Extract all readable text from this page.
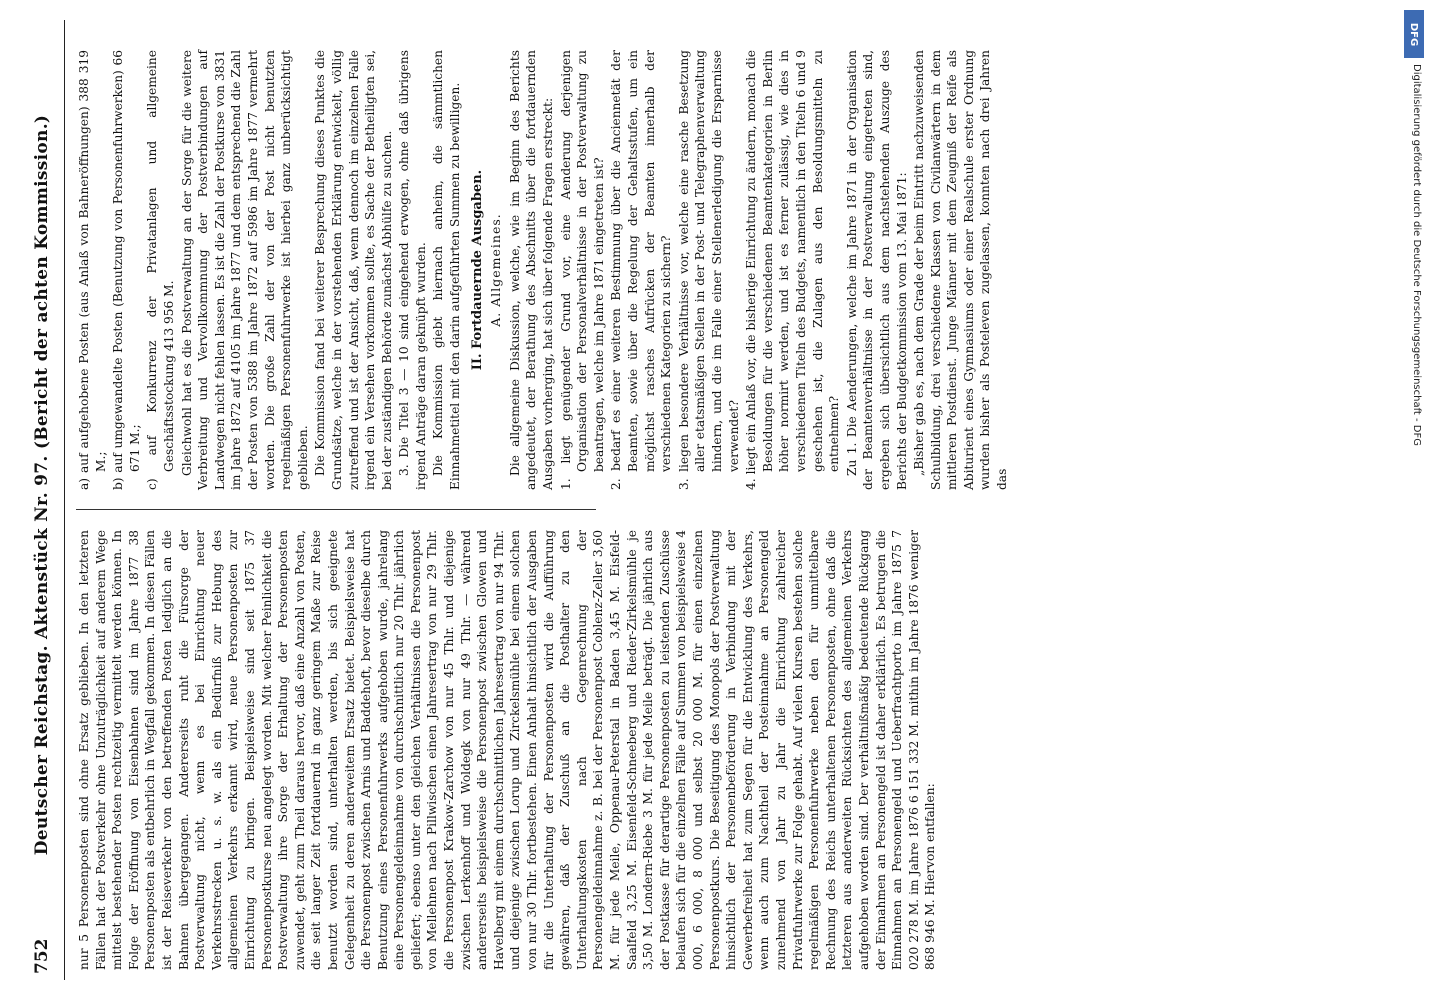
752
Deutscher Reichstag. Aktenstück Nr. 97. (Bericht der achten Kommission.) nur 5 Personenposten sind ohne Ersatz geblieben. In den letzteren Fällen hat der Postverkehr ohne Unzuträglichkeit auf anderem Wege mittelst bestehender Posten rechtzeitig vermittelt werden können. In Folge der Eröffnung von Eisenbahnen sind im Jahre 1877 38 Personenposten als entbehrlich in Wegfall gekommen. In diesen Fällen ist der Reiseverkehr von den betreffenden Posten lediglich an die Bahnen übergegangen. Andererseits ruht die Fürsorge der Postverwaltung nicht, wenn es bei Einrichtung neuer Verkehrsstrecken u. s. w. als ein Bedürfniß zur Hebung des allgemeinen Verkehrs erkannt wird, neue Personenposten zur Einrichtung zu bringen. Beispielsweise sind seit 1875 37 Personenpostkurse neu angelegt worden. Mit welcher Peinlichkeit die Postverwaltung ihre Sorge der Erhaltung der Personenposten zuwendet, geht zum Theil daraus hervor, daß eine Anzahl von Posten, die seit langer Zeit fortdauernd in ganz geringem Maße zur Reise benutzt worden sind, unterhalten werden, bis sich geeignete Gelegenheit zu deren anderweitem Ersatz bietet. Beispielsweise hat die Personenpost zwischen Arnis und Baddehoft, bevor dieselbe durch Benutzung eines Personenfuhrwerks aufgehoben wurde, jahrelang eine Personengeldeinnahme von durchschnittlich nur 20 Thlr. jährlich geliefert; ebenso unter den gleichen Verhältnissen die Personenpost von Mellehnen nach Pillwischen einen Jahresertrag von nur 29 Thlr. die Personenpost Krakow-Zarchow von nur 45 Thlr. und diejenige zwischen Lerkenhoff und Woldegk von nur 49 Thlr. — während andererseits beispielsweise die Personenpost zwischen Glowen und Havelberg mit einem durchschnittlichen Jahresertrag von nur 94 Thlr. und diejenige zwischen Lorup und Zirckelsmühle bei einem solchen von nur 30 Thlr. fortbestehen. Einen Anhalt hinsichtlich der Ausgaben für die Unterhaltung der Personenposten wird die Aufführung gewähren, daß der Zuschuß an die Posthalter zu den Unterhaltungskosten nach Gegenrechnung der Personengeldeinnahme z. B. bei der Personenpost Coblenz-Zeller 3,60 M. für jede Meile, Oppenau-Peterstal in Baden 3,45 M. Eisfeld-Saalfeld 3,25 M. Eisenfeld-Schneeberg und Rieder-Zirkelsmühle je 3,50 M. Londern-Riebe 3 M. für jede Meile beträgt. Die jährlich aus der Postkasse für derartige Personenposten zu leistenden Zuschüsse belaufen sich für die einzelnen Fälle auf Summen von beispielsweise 4 000, 6 000, 8 000 und selbst 20 000 M. für einen einzelnen Personenpostkurs. Die Beseitigung des Monopols der Postverwaltung hinsichtlich der Personenbeförderung in Verbindung mit der Gewerbefreiheit hat zum Segen für die Entwicklung des Verkehrs, wenn auch zum Nachtheil der Posteinnahme an Personengeld zunehmend von Jahr zu Jahr die Einrichtung zahlreicher Privatfuhrwerke zur Folge gehabt. Auf vielen Kursen bestehen solche regelmäßigen Personenfuhrwerke neben den für unmittelbare Rechnung des Reichs unterhaltenen Personenposten, ohne daß die letzteren aus anderweiten Rücksichten des allgemeinen Verkehrs aufgehoben worden sind. Der verhältnißmäßig bedeutende Rückgang der Einnahmen an Personengeld ist daher erklärlich. Es betrugen die Einnahmen an Personengeld und Ueberfrachtporto im Jahre 1875 7 020 278 M. im Jahre 1876 6 151 332 M. mithin im Jahre 1876 weniger 868 946 M. Hiervon entfallen:

a) auf aufgehobene Posten (aus Anlaß von Bahneröffnungen) 388 319 M.; b) auf umgewandelte Posten (Benutzung von Personenfuhrwerken) 66 671 M.; c) auf Konkurrenz der Privatanlagen und allgemeine Geschäftsstockung 413 956 M. Gleichwohl hat es die Postverwaltung an der Sorge für die weitere Verbreitung und Vervollkommnung der Postverbindungen auf Landwegen nicht fehlen lassen. Es ist die Zahl der Postkurse von 3831 im Jahre 1872 auf 4105 im Jahre 1877 und dem entsprechend die Zahl der Posten von 5388 im Jahre 1872 auf 5986 im Jahre 1877 vermehrt worden. Die große Zahl der von der Post nicht benutzten regelmäßigen Personenfuhrwerke ist hierbei ganz unberücksichtigt geblieben. Die Kommission fand bei weiterer Besprechung dieses Punktes die Grundsätze, welche in der vorstehenden Erklärung entwickelt, völlig zutreffend und ist der Ansicht, daß, wenn dennoch im einzelnen Falle irgend ein Versehen vorkommen sollte, es Sache der Betheiligten sei, bei der zuständigen Behörde zunächst Abhülfe zu suchen. 3. Die Titel 3 — 10 sind eingehend erwogen, ohne daß übrigens irgend Anträge daran geknüpft wurden. Die Kommission giebt hiernach anheim, die sämmtlichen Einnahmetitel mit den darin aufgeführten Summen zu bewilligen. II. Fortdauernde Ausgaben. A. Allgemeines. Die allgemeine Diskussion, welche, wie im Beginn des Berichts angedeutet, der Berathung des Abschnitts über die fortdauernden Ausgaben vorherging, hat sich über folgende Fragen erstreckt: 1. liegt genügender Grund vor, eine Aenderung derjenigen Organisation der Personalverhältnisse in der Postverwaltung zu beantragen, welche im Jahre 1871 eingetreten ist? 2. bedarf es einer weiteren Bestimmung über die Anciennetät der Beamten, sowie über die Regelung der Gehaltsstufen, um ein möglichst rasches Aufrücken der Beamten innerhalb der verschiedenen Kategorien zu sichern? 3. liegen besondere Verhältnisse vor, welche eine rasche Besetzung aller etatsmäßigen Stellen in der Post- und Telegraphenverwaltung hindern, und die im Falle einer Stellenerledigung die Ersparnisse verwendet? 4. liegt ein Anlaß vor, die bisherige Einrichtung zu ändern, monach die Besoldungen für die verschiedenen Beamtenkategorien in Berlin höher normirt werden, und ist es ferner zulässig, wie dies in verschiedenen Titeln des Budgets, namentlich in den Titeln 6 und 9 geschehen ist, die Zulagen aus den Besoldungsmitteln zu entnehmen? Zu 1. Die Aenderungen, welche im Jahre 1871 in der Organisation der Beamtenverhältnisse in der Postverwaltung eingetreten sind, ergeben sich übersichtlich aus dem nachstehenden Auszuge des Berichts der Budgetkommission vom 13. Mai 1871: „Bisher gab es, nach dem Grade der beim Eintritt nachzuweisenden Schulbildung, drei verschiedene Klassen von Civilanwärtern in dem mittleren Postdienst. Junge Männer mit dem Zeugniß der Reife als Abiturient eines Gymnasiums oder einer Realschule erster Ordnung wurden bisher als Posteleven zugelassen, konnten nach drei Jahren das

DFG
Digitalisierung gefördert durch die Deutsche Forschungsgemeinschaft - DFG
